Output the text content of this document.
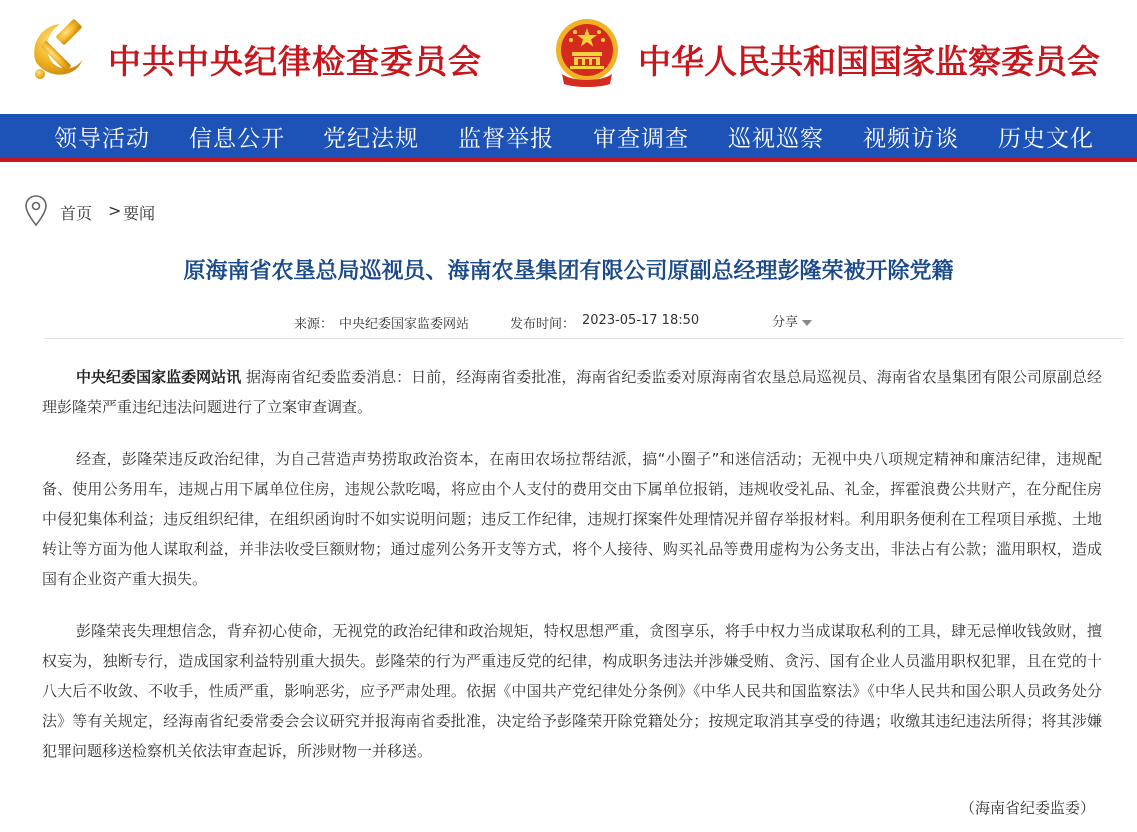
中共中央纪律检查委员会	中华人民共和国国家监察委员会
领导活动 信息公开 党纪法规 监督举报 审查调查 巡视巡察 视频访谈 历史文化
首页 > 要闻
原海南省农垦总局巡视员、海南农垦集团有限公司原副总经理彭隆荣被开除党籍
来源： 中央纪委国家监委网站	发布时间： 2023-05-17 18:50	分享

中央纪委国家监委网站讯 据海南省纪委监委消息：日前，经海南省委批准，海南省纪委监委对原海南省农垦总局巡视员、海南省农垦集团有限公司原副总经理彭隆荣严重违纪违法问题进行了立案审查调查。

经查，彭隆荣违反政治纪律，为自己营造声势捞取政治资本，在南田农场拉帮结派，搞“小圈子”和迷信活动；无视中央八项规定精神和廉洁纪律，违规配备、使用公务用车，违规占用下属单位住房，违规公款吃喝，将应由个人支付的费用交由下属单位报销，违规收受礼品、礼金，挥霍浪费公共财产，在分配住房中侵犯集体利益；违反组织纪律，在组织函询时不如实说明问题；违反工作纪律，违规打探案件处理情况并留存举报材料。利用职务便利在工程项目承揽、土地转让等方面为他人谋取利益，并非法收受巨额财物；通过虚列公务开支等方式，将个人接待、购买礼品等费用虚构为公务支出，非法占有公款；滥用职权，造成国有企业资产重大损失。

彭隆荣丧失理想信念，背弃初心使命，无视党的政治纪律和政治规矩，特权思想严重，贪图享乐，将手中权力当成谋取私利的工具，肆无忌惮收钱敛财，擅权妄为，独断专行，造成国家利益特别重大损失。彭隆荣的行为严重违反党的纪律，构成职务违法并涉嫌受贿、贪污、国有企业人员滥用职权犯罪，且在党的十八大后不收敛、不收手，性质严重，影响恶劣，应予严肃处理。依据《中国共产党纪律处分条例》《中华人民共和国监察法》《中华人民共和国公职人员政务处分法》等有关规定，经海南省纪委常委会会议研究并报海南省委批准，决定给予彭隆荣开除党籍处分；按规定取消其享受的待遇；收缴其违纪违法所得；将其涉嫌犯罪问题移送检察机关依法审查起诉，所涉财物一并移送。

（海南省纪委监委）
